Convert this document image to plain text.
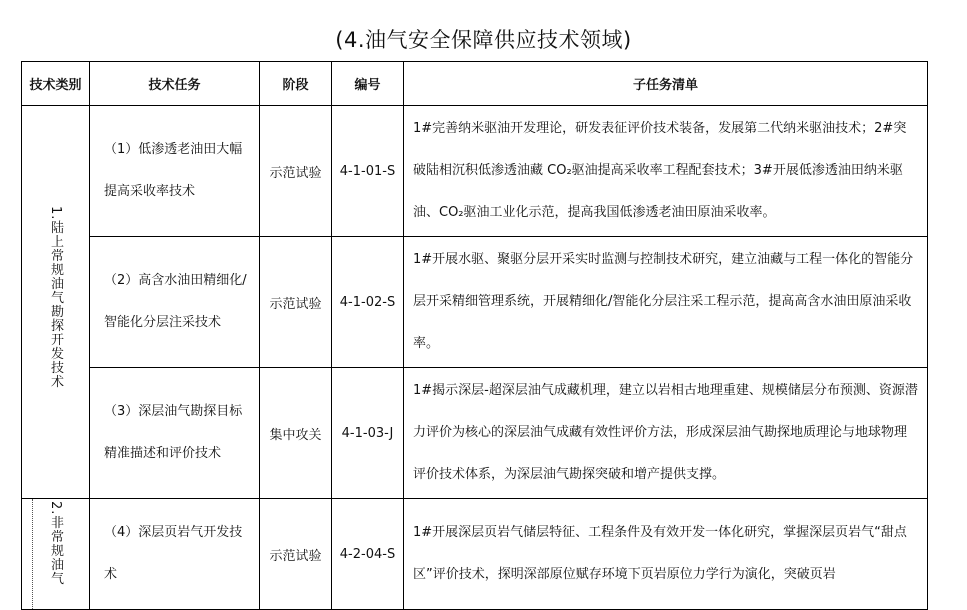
(4.油气安全保障供应技术领域)
技术类别	技术任务	阶段	编号	子任务清单

1.陆上常规油气勘探开发技术	（1）低渗透老油田大幅提高采收率技术	示范试验	4-1-01-S	1#完善纳米驱油开发理论，研发表征评价技术装备，发展第二代纳米驱油技术；2#突破陆相沉积低渗透油藏 CO₂驱油提高采收率工程配套技术；3#开展低渗透油田纳米驱油、CO₂驱油工业化示范，提高我国低渗透老油田原油采收率。
	（2）高含水油田精细化/智能化分层注采技术	示范试验	4-1-02-S	1#开展水驱、聚驱分层开采实时监测与控制技术研究，建立油藏与工程一体化的智能分层开采精细管理系统，开展精细化/智能化分层注采工程示范，提高高含水油田原油采收率。
	（3）深层油气勘探目标精准描述和评价技术	集中攻关	4-1-03-J	1#揭示深层-超深层油气成藏机理，建立以岩相古地理重建、规模储层分布预测、资源潜力评价为核心的深层油气成藏有效性评价方法，形成深层油气勘探地质理论与地球物理评价技术体系，为深层油气勘探突破和增产提供支撑。

2.非常规油气	（4）深层页岩气开发技术	示范试验	4-2-04-S	1#开展深层页岩气储层特征、工程条件及有效开发一体化研究，掌握深层页岩气“甜点区”评价技术，探明深部原位赋存环境下页岩原位力学行为演化，突破页岩
